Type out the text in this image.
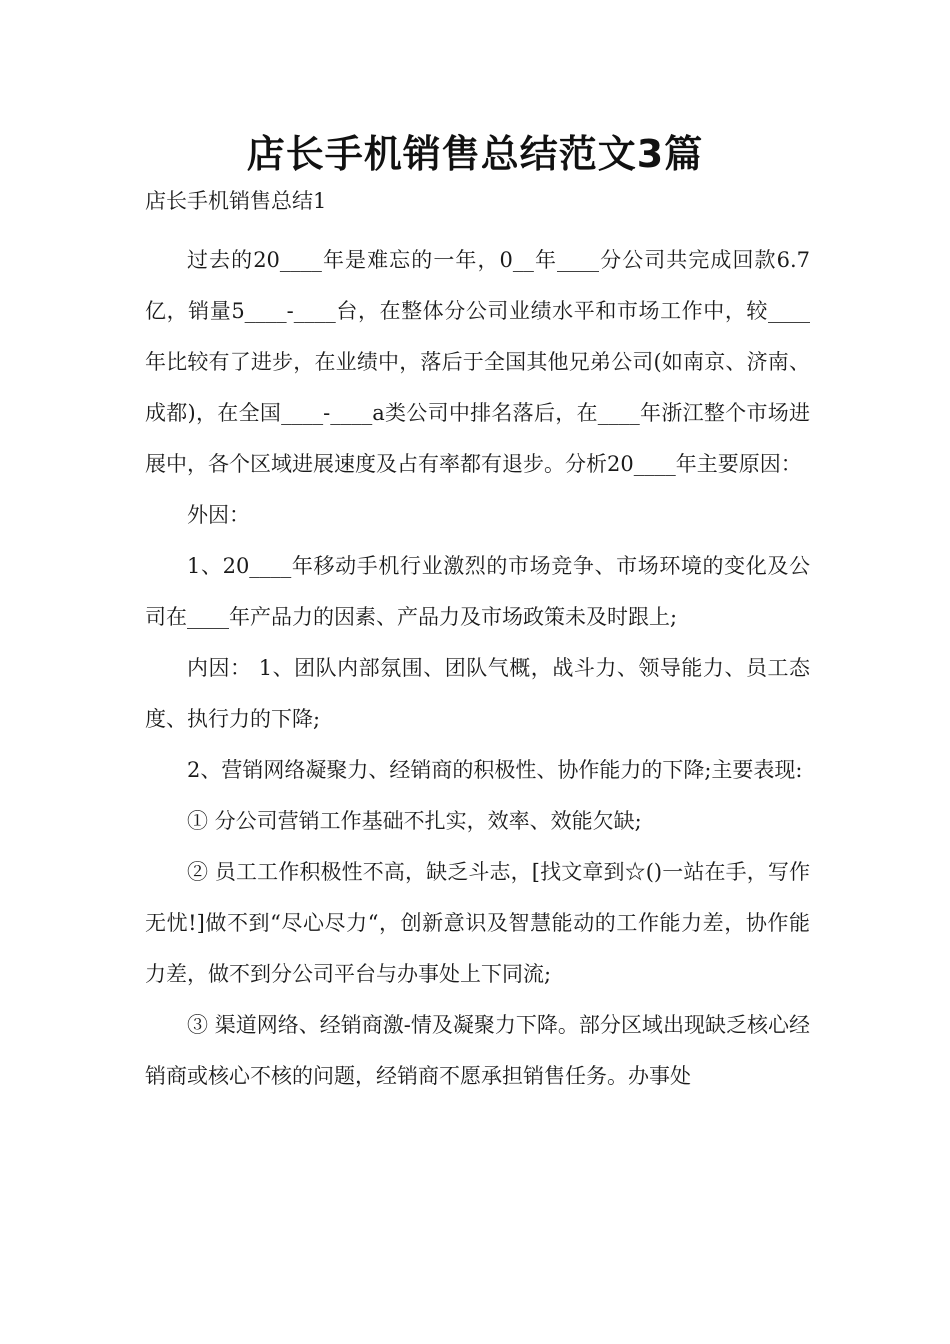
店长手机销售总结范文3篇
店长手机销售总结1

过去的20____年是难忘的一年，0__年____分公司共完成回款6.7亿，销量5____-____台，在整体分公司业绩水平和市场工作中，较____年比较有了进步，在业绩中，落后于全国其他兄弟公司(如南京、济南、成都)，在全国____-____a类公司中排名落后，在____年浙江整个市场进展中，各个区域进展速度及占有率都有退步。分析20____年主要原因：

外因：

1、20____年移动手机行业激烈的市场竞争、市场环境的变化及公司在____年产品力的因素、产品力及市场政策未及时跟上;

内因： 1、团队内部氛围、团队气概，战斗力、领导能力、员工态度、执行力的下降;

2、营销网络凝聚力、经销商的积极性、协作能力的下降;主要表现:

① 分公司营销工作基础不扎实，效率、效能欠缺;

② 员工工作积极性不高，缺乏斗志，[找文章到☆()一站在手，写作无忧!]做不到“尽心尽力“，创新意识及智慧能动的工作能力差，协作能力差，做不到分公司平台与办事处上下同流;

③ 渠道网络、经销商激-情及凝聚力下降。部分区域出现缺乏核心经销商或核心不核的问题，经销商不愿承担销售任务。办事处
